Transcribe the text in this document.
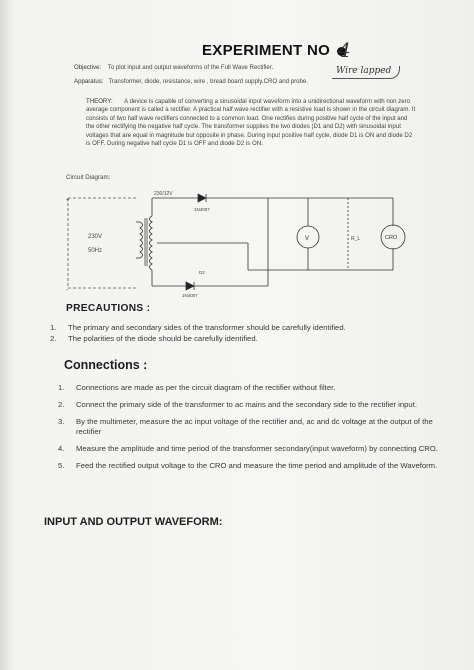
EXPERIMENT NO 4
Wire lapped
Objective: To plot input and output waveforms of the Full Wave Rectifier.
Apparatus: Transformer, diode, resistance, wire , bread board supply,CRO and probe.
THEORY: A device is capable of converting a sinusoidal input waveform into a unidirectional waveform with non zero average component is called a rectifier. A practical half wave rectifier with a resistive load is shown in the circuit diagram. It consists of two half wave rectifiers connected to a common load. One rectifies during positive half cycle of the input and the other rectifying the negative half cycle. The transformer supplies the two diodes (D1 and D2) with sinusoidal input voltages that are equal in magnitude but opposite in phase. During input positive half cycle, diode D1 is ON and diode D2 is OFF. During negative half cycle D1 is OFF and diode D2 is ON.
Circuit Diagram:
230/12V
1N4007
D2
1N4007
230V
50Hz
V	R_L	CRO
+
-
PRECAUTIONS :
1.	The primary and secondary sides of the transformer should be carefully identified.
2.	The polarities of the diode should be carefully identified.
Connections :
1.	Connections are made as per the circuit diagram of the rectifier without filter.
2.	Connect the primary side of the transformer to ac mains and the secondary side to the rectifier input.
3.	By the multimeter, measure the ac input voltage of the rectifier and, ac and dc voltage at the output of the rectifier
4.	Measure the amplitude and time period of the transformer secondary(input waveform) by connecting CRO.
5.	Feed the rectified output voltage to the CRO and measure the time period and amplitude of the Waveform.
INPUT AND OUTPUT WAVEFORM:
